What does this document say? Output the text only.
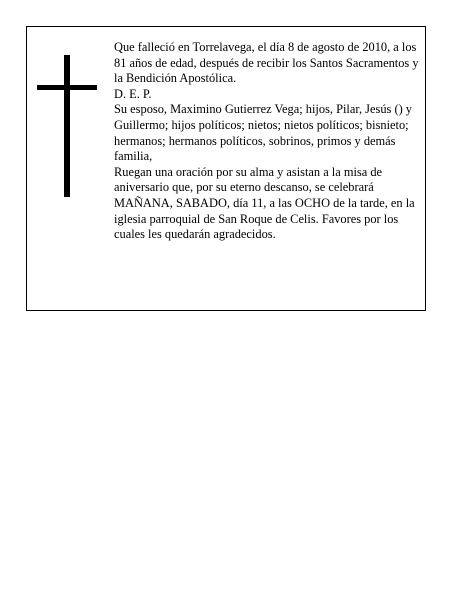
Que falleció en Torrelavega, el día 8 de agosto de 2010, a los 81 años de edad, después de recibir los Santos Sacramentos y la Bendición Apostólica.

D. E. P.

Su esposo, Maximino Gutierrez Vega; hijos, Pilar, Jesús () y Guillermo; hijos políticos; nietos; nietos políticos; bisnieto; hermanos; hermanos políticos, sobrinos, primos y demás familia,

Ruegan una oración por su alma y asistan a la misa de aniversario que, por su eterno descanso, se celebrará MAÑANA, SABADO, día 11, a las OCHO de la tarde, en la iglesia parroquial de San Roque de Celis. Favores por los cuales les quedarán agradecidos.
